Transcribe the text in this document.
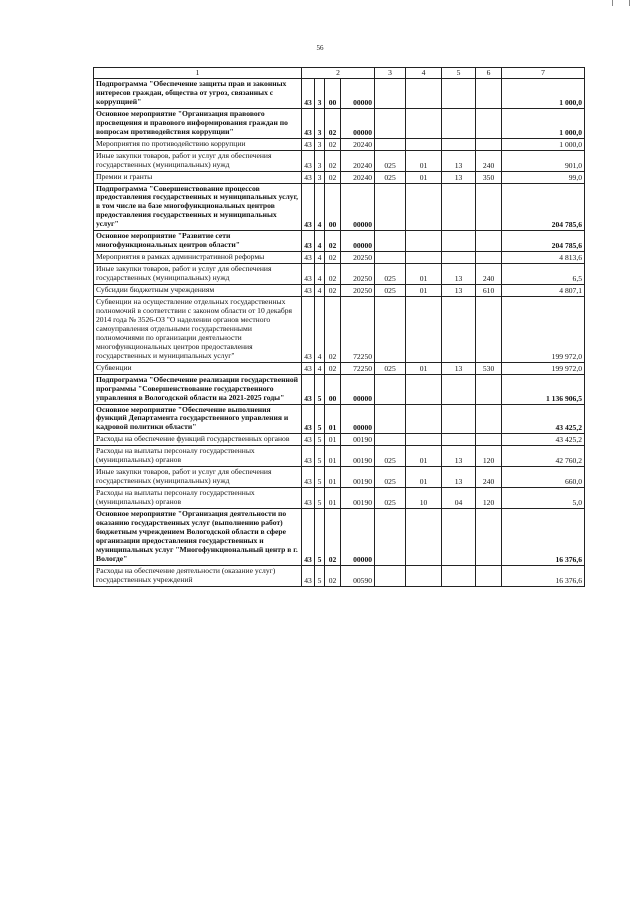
56
1	2				3	4	5	6	7
Подпрограмма "Обеспечение защиты прав и законных интересов граждан, общества от угроз, связанных с коррупцией"	43	3	00	00000					1 000,0
Основное мероприятие "Организация правового просвещения и правового информирования граждан по вопросам противодействия коррупции"	43	3	02	00000					1 000,0
Мероприятия по противодействию коррупции	43	3	02	20240					1 000,0
Иные закупки товаров, работ и услуг для обеспечения государственных (муниципальных) нужд	43	3	02	20240	025	01	13	240	901,0
Премии и гранты	43	3	02	20240	025	01	13	350	99,0
Подпрограмма "Совершенствование процессов предоставления государственных и муниципальных услуг, в том числе на базе многофункциональных центров предоставления государственных и муниципальных услуг"	43	4	00	00000					204 785,6
Основное мероприятие "Развитие сети многофункциональных центров области"	43	4	02	00000					204 785,6
Мероприятия в рамках административной реформы	43	4	02	20250					4 813,6
Иные закупки товаров, работ и услуг для обеспечения государственных (муниципальных) нужд	43	4	02	20250	025	01	13	240	6,5
Субсидии бюджетным учреждениям	43	4	02	20250	025	01	13	610	4 807,1
Субвенции на осуществление отдельных государственных полномочий в соответствии с законом области от 10 декабря 2014 года № 3526-ОЗ "О наделении органов местного самоуправления отдельными государственными полномочиями по организации деятельности многофункциональных центров предоставления государственных и муниципальных услуг"	43	4	02	72250					199 972,0
Субвенции	43	4	02	72250	025	01	13	530	199 972,0
Подпрограмма "Обеспечение реализации государственной программы "Совершенствование государственного управления в Вологодской области на 2021-2025 годы"	43	5	00	00000					1 136 906,5
Основное мероприятие "Обеспечение выполнения функций Департамента государственного управления и кадровой политики области"	43	5	01	00000					43 425,2
Расходы на обеспечение функций государственных органов	43	5	01	00190					43 425,2
Расходы на выплаты персоналу государственных (муниципальных) органов	43	5	01	00190	025	01	13	120	42 760,2
Иные закупки товаров, работ и услуг для обеспечения государственных (муниципальных) нужд	43	5	01	00190	025	01	13	240	660,0
Расходы на выплаты персоналу государственных (муниципальных) органов	43	5	01	00190	025	10	04	120	5,0
Основное мероприятие "Организация деятельности по оказанию государственных услуг (выполнению работ) бюджетным учреждением Вологодской области в сфере организации предоставления государственных и муниципальных услуг "Многофункциональный центр в г. Вологде"	43	5	02	00000					16 376,6
Расходы на обеспечение деятельности (оказание услуг) государственных учреждений	43	5	02	00590					16 376,6
